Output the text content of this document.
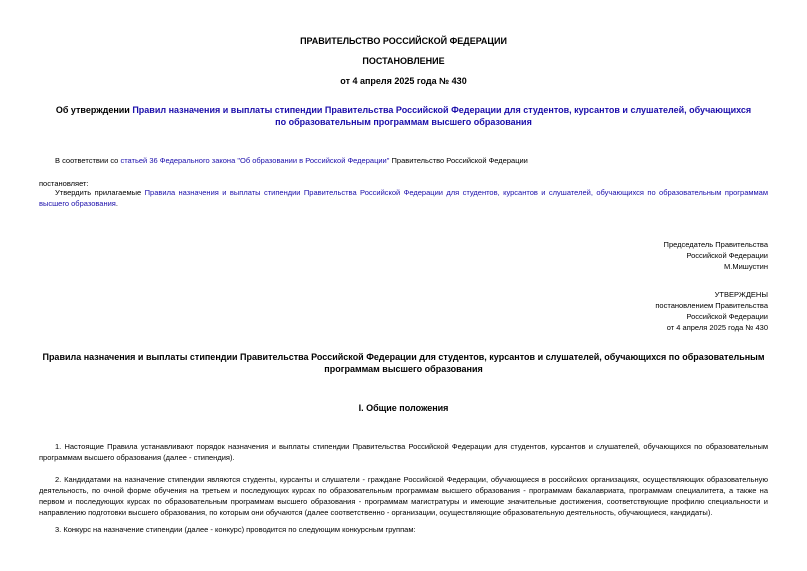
ПРАВИТЕЛЬСТВО РОССИЙСКОЙ ФЕДЕРАЦИИ
ПОСТАНОВЛЕНИЕ
от 4 апреля 2025 года № 430
Об утверждении Правил назначения и выплаты стипендии Правительства Российской Федерации для студентов, курсантов и слушателей, обучающихся по образовательным программам высшего образования
В соответствии со статьей 36 Федерального закона "Об образовании в Российской Федерации" Правительство Российской Федерации
постановляет:
Утвердить прилагаемые Правила назначения и выплаты стипендии Правительства Российской Федерации для студентов, курсантов и слушателей, обучающихся по образовательным программам высшего образования.
Председатель Правительства
Российской Федерации
М.Мишустин
УТВЕРЖДЕНЫ
постановлением Правительства
Российской Федерации
от 4 апреля 2025 года № 430
Правила назначения и выплаты стипендии Правительства Российской Федерации для студентов, курсантов и слушателей, обучающихся по образовательным программам высшего образования
I. Общие положения
1. Настоящие Правила устанавливают порядок назначения и выплаты стипендии Правительства Российской Федерации для студентов, курсантов и слушателей, обучающихся по образовательным программам высшего образования (далее - стипендия).
2. Кандидатами на назначение стипендии являются студенты, курсанты и слушатели - граждане Российской Федерации, обучающиеся в российских организациях, осуществляющих образовательную деятельность, по очной форме обучения на третьем и последующих курсах по образовательным программам высшего образования - программам бакалавриата, программам специалитета, а также на первом и последующих курсах по образовательным программам высшего образования - программам магистратуры и имеющие значительные достижения, соответствующие профилю специальности и направлению подготовки высшего образования, по которым они обучаются (далее соответственно - организации, осуществляющие образовательную деятельность, обучающиеся, кандидаты).
3. Конкурс на назначение стипендии (далее - конкурс) проводится по следующим конкурсным группам:
